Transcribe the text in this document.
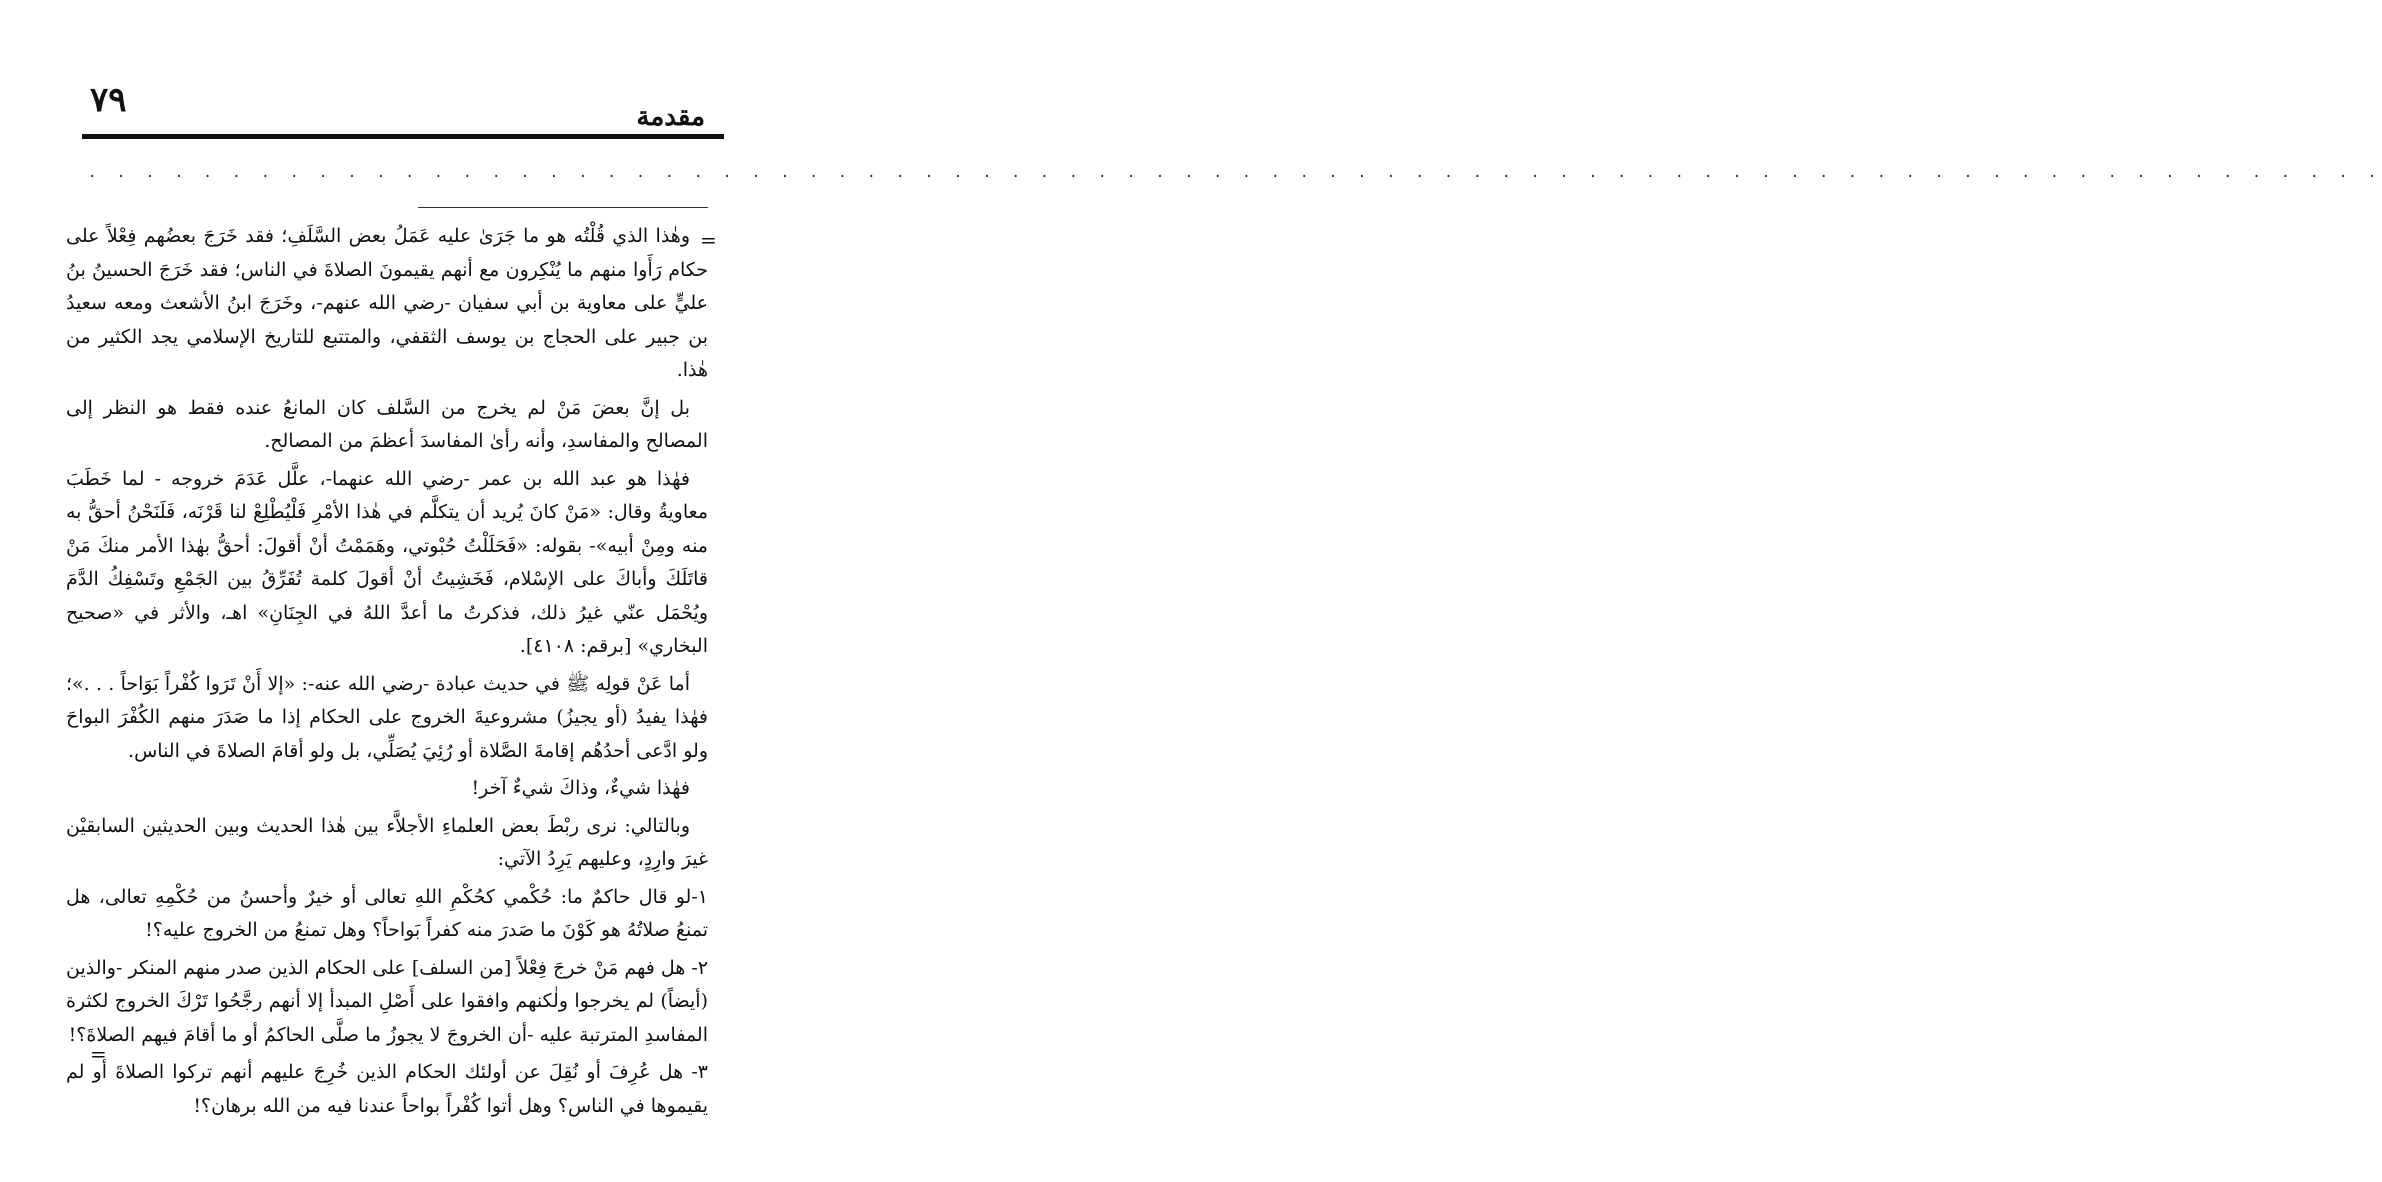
٧٩	مقدمة
. . . . . . . . . . . . . . . . . . . . . . . . . . . . . . . . . . . . . . . . . . . . . . . . . . . . . . . . . . . . . . . . . . . . . . . . . . . . . . . .
=

وهٰذا الذي قُلْتُه هو ما جَرَىٰ عليه عَمَلُ بعض السَّلَفِ؛ فقد خَرَجَ بعضُهم فِعْلاً على حكام رَأَوا منهم ما يُنْكِرون مع أنهم يقيمونَ الصلاةَ في الناس؛ فقد خَرَجَ الحسينُ بنُ عليٍّ على معاوية بن أبي سفيان -رضي الله عنهم-، وخَرَجَ ابنُ الأشعث ومعه سعيدُ بن جبير على الحجاج بن يوسف الثقفي، والمتتبع للتاريخ الإسلامي يجد الكثير من هٰذا.

بل إنَّ بعضَ مَنْ لم يخرج من السَّلف كان المانعُ عنده فقط هو النظر إلى المصالح والمفاسدِ، وأنه رأىٰ المفاسدَ أعظمَ من المصالح.

فهٰذا هو عبد الله بن عمر -رضي الله عنهما-، علَّل عَدَمَ خروجه - لما خَطَبَ معاويةُ وقال: «مَنْ كانَ يُريد أن يتكلَّم في هٰذا الأمْرِ فَلْيُطْلِعْ لنا قَرْنَه، فَلَنَحْنُ أحقُّ به منه ومِنْ أبيه»- بقوله: «فَحَلَلْتُ حُبْوتي، وهَمَمْتُ أنْ أقولَ: أحقُّ بهٰذا الأمر منكَ مَنْ قاتَلَكَ وأباكَ على الإسْلام، فَخَشِيتُ أنْ أقولَ كلمة تُفَرِّقُ بين الجَمْعِ وتَسْفِكُ الدَّمَ ويُحْمَل عنّي غيرُ ذلك، فذكرتُ ما أعدَّ اللهُ في الجِنَانِ» اهـ، والأثر في «صحيح البخاري» [برقم: ٤١٠٨].

أما عَنْ قولِه ﷺ في حديث عبادة -رضي الله عنه-: «إلا أَنْ تَرَوا كُفْراً بَوَاحاً . . .»؛ فهٰذا يفيدُ (أو يجيزُ) مشروعيةَ الخروج على الحكام إذا ما صَدَرَ منهم الكُفْرَ البواحَ ولو ادَّعى أحدُهُم إقامةَ الصَّلاة أو رُئِيَ يُصَلِّي، بل ولو أقامَ الصلاةَ في الناس.

فهٰذا شيءٌ، وذاكَ شيءٌ آخر!

وبالتالي: نرى ربْطَ بعض العلماءِ الأجلاَّء بين هٰذا الحديث وبين الحديثين السابقيْن غيرَ وارِدٍ، وعليهم يَرِدُ الآتي:

١-لو قال حاكمٌ ما: حُكْمي كحُكْمِ اللهِ تعالى أو خيرٌ وأحسنُ من حُكْمِهِ تعالى، هل تمنعُ صلاتُهُ هو كَوْنَ ما صَدرَ منه كفراً بَواحاً؟ وهل تمنعُ من الخروج عليه؟!

٢- هل فهم مَنْ خرجَ فِعْلاً [من السلف] على الحكام الذين صدر منهم المنكر -والذين (أيضاً) لم يخرجوا ولٰكنهم وافقوا على أَصْلِ المبدأ إلا أنهم رجَّحُوا تَرْكَ الخروج لكثرة المفاسدِ المترتبة عليه -أن الخروجَ لا يجوزُ ما صلَّى الحاكمُ أو ما أقامَ فيهم الصلاةَ؟!

٣- هل عُرِفَ أو نُقِلَ عن أولئك الحكام الذين خُرِجَ عليهم أنهم تركوا الصلاةَ أو لم يقيموها في الناس؟ وهل أتوا كُفْراً بواحاً عندنا فيه من الله برهان؟!

=
